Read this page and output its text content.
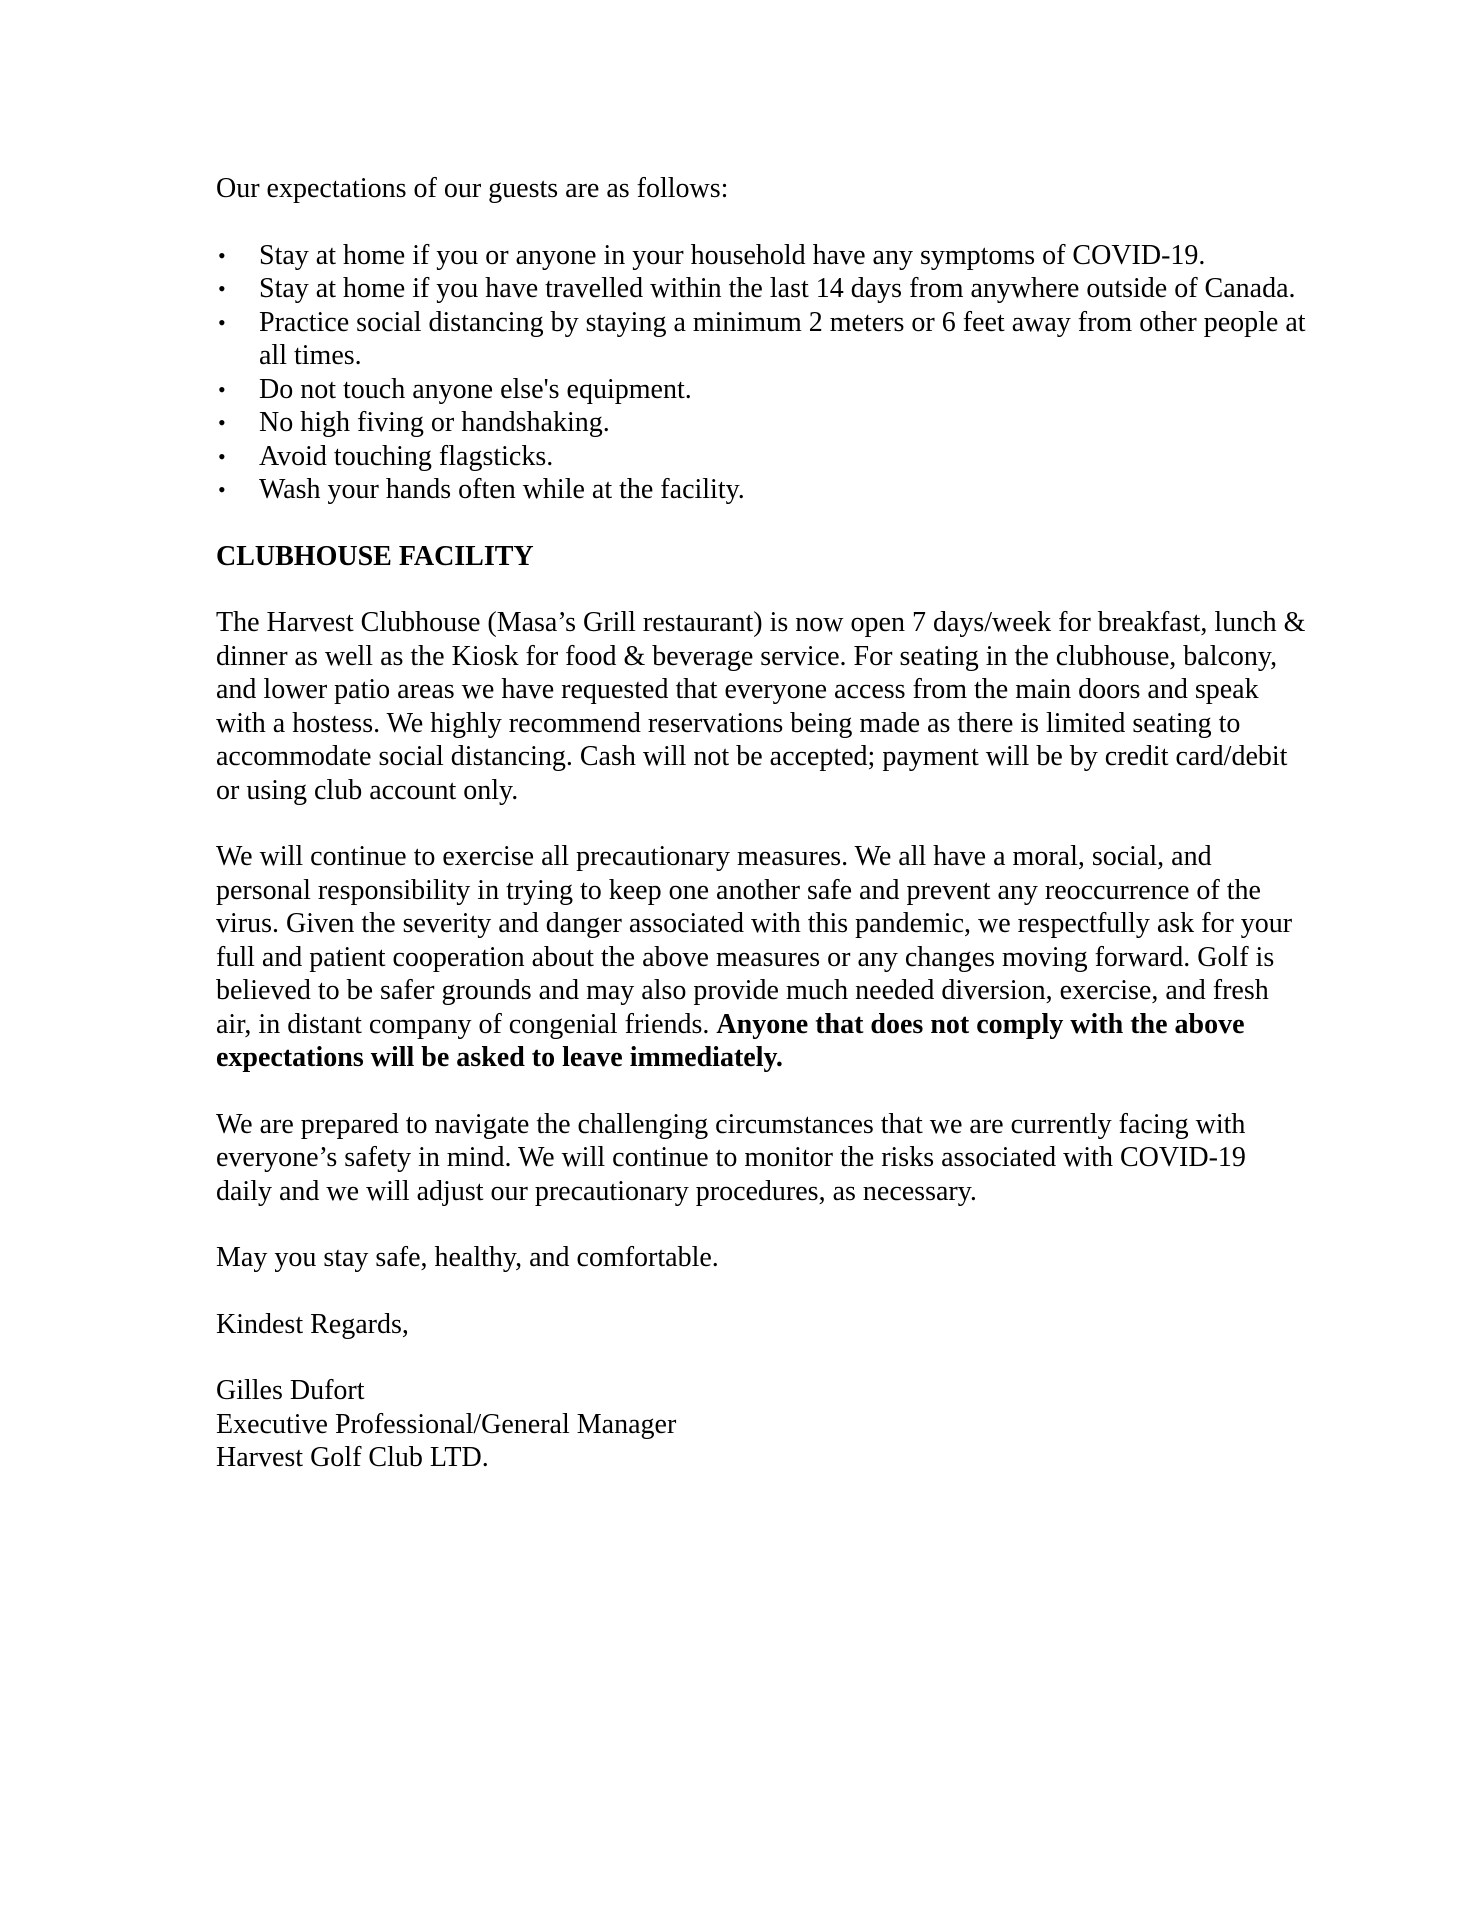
Our expectations of our guests are as follows:

• Stay at home if you or anyone in your household have any symptoms of COVID-19.
• Stay at home if you have travelled within the last 14 days from anywhere outside of Canada.
• Practice social distancing by staying a minimum 2 meters or 6 feet away from other people at all times.
• Do not touch anyone else's equipment.
• No high fiving or handshaking.
• Avoid touching flagsticks.
• Wash your hands often while at the facility.

CLUBHOUSE FACILITY

The Harvest Clubhouse (Masa’s Grill restaurant) is now open 7 days/week for breakfast, lunch & dinner as well as the Kiosk for food & beverage service. For seating in the clubhouse, balcony, and lower patio areas we have requested that everyone access from the main doors and speak with a hostess. We highly recommend reservations being made as there is limited seating to accommodate social distancing. Cash will not be accepted; payment will be by credit card/debit or using club account only.

We will continue to exercise all precautionary measures. We all have a moral, social, and personal responsibility in trying to keep one another safe and prevent any reoccurrence of the virus. Given the severity and danger associated with this pandemic, we respectfully ask for your full and patient cooperation about the above measures or any changes moving forward. Golf is believed to be safer grounds and may also provide much needed diversion, exercise, and fresh air, in distant company of congenial friends. Anyone that does not comply with the above expectations will be asked to leave immediately.

We are prepared to navigate the challenging circumstances that we are currently facing with everyone’s safety in mind. We will continue to monitor the risks associated with COVID-19 daily and we will adjust our precautionary procedures, as necessary.

May you stay safe, healthy, and comfortable.

Kindest Regards,

Gilles Dufort

Executive Professional/General Manager

Harvest Golf Club LTD.
